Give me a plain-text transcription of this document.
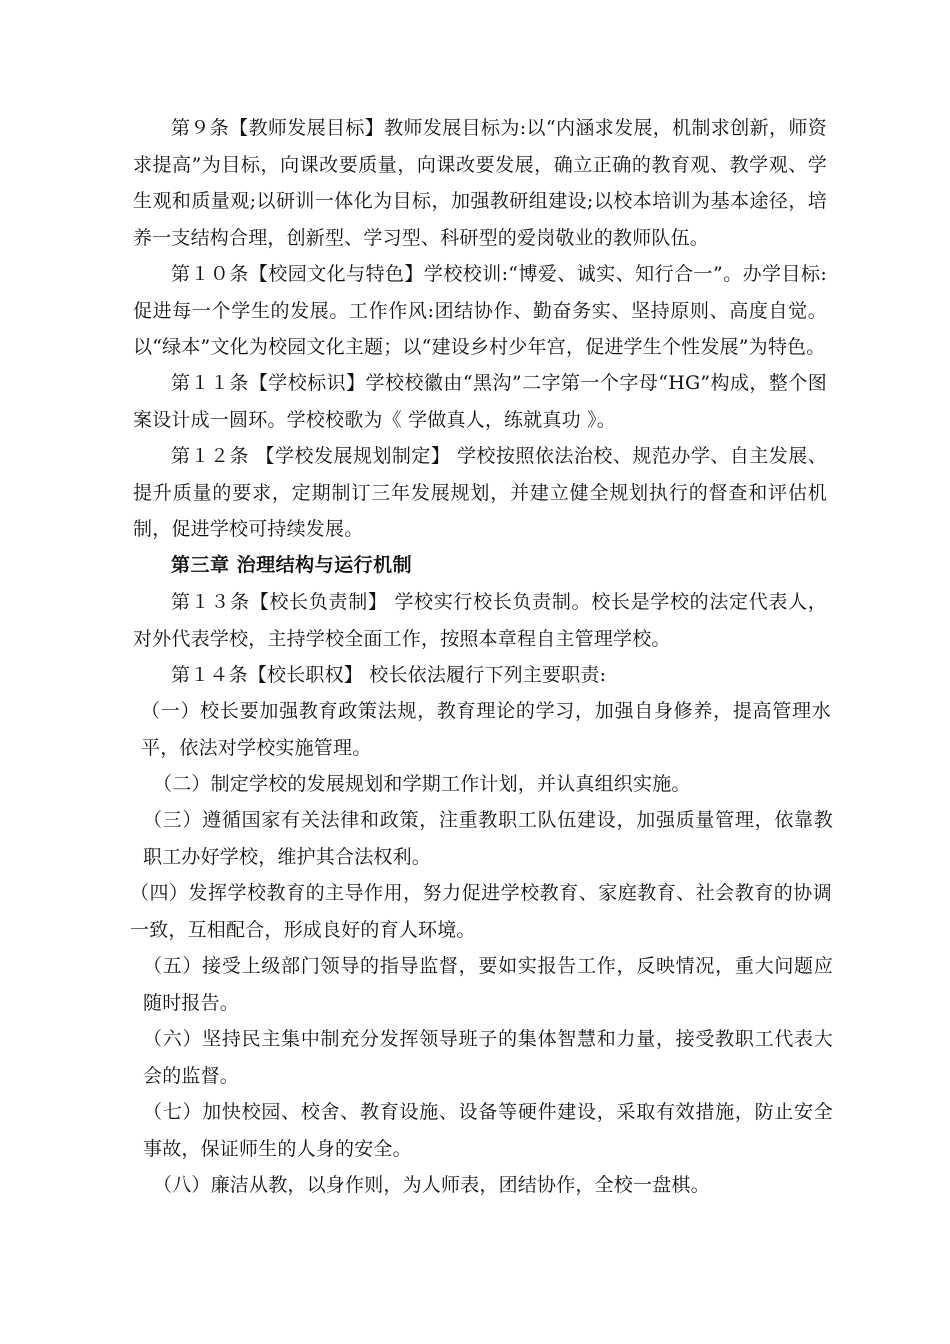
第９条【教师发展目标】教师发展目标为:以“内涵求发展，机制求创新，师资求提高”为目标，向课改要质量，向课改要发展，确立正确的教育观、教学观、学生观和质量观;以研训一体化为目标，加强教研组建设;以校本培训为基本途径，培养一支结构合理，创新型、学习型、科研型的爱岗敬业的教师队伍。

第１０条【校园文化与特色】学校校训:“博爱、诚实、知行合一”。办学目标:促进每一个学生的发展。工作作风:团结协作、勤奋务实、坚持原则、高度自觉。以“绿本”文化为校园文化主题；以“建设乡村少年宫，促进学生个性发展”为特色。

第１１条【学校标识】学校校徽由“黑沟”二字第一个字母“HG”构成，整个图案设计成一圆环。学校校歌为《 学做真人，练就真功 》。

第１２条 【学校发展规划制定】 学校按照依法治校、规范办学、自主发展、提升质量的要求，定期制订三年发展规划，并建立健全规划执行的督查和评估机制，促进学校可持续发展。

第三章 治理结构与运行机制

第１３条【校长负责制】 学校实行校长负责制。校长是学校的法定代表人，对外代表学校，主持学校全面工作，按照本章程自主管理学校。

第１４条【校长职权】 校长依法履行下列主要职责:

（一）校长要加强教育政策法规，教育理论的学习，加强自身修养，提高管理水平，依法对学校实施管理。

（二）制定学校的发展规划和学期工作计划，并认真组织实施。

（三）遵循国家有关法律和政策，注重教职工队伍建设，加强质量管理，依靠教职工办好学校，维护其合法权利。

（四）发挥学校教育的主导作用，努力促进学校教育、家庭教育、社会教育的协调一致，互相配合，形成良好的育人环境。

（五）接受上级部门领导的指导监督，要如实报告工作，反映情况，重大问题应随时报告。

（六）坚持民主集中制充分发挥领导班子的集体智慧和力量，接受教职工代表大会的监督。

（七）加快校园、校舍、教育设施、设备等硬件建设，采取有效措施，防止安全事故，保证师生的人身的安全。

（八）廉洁从教，以身作则，为人师表，团结协作，全校一盘棋。
